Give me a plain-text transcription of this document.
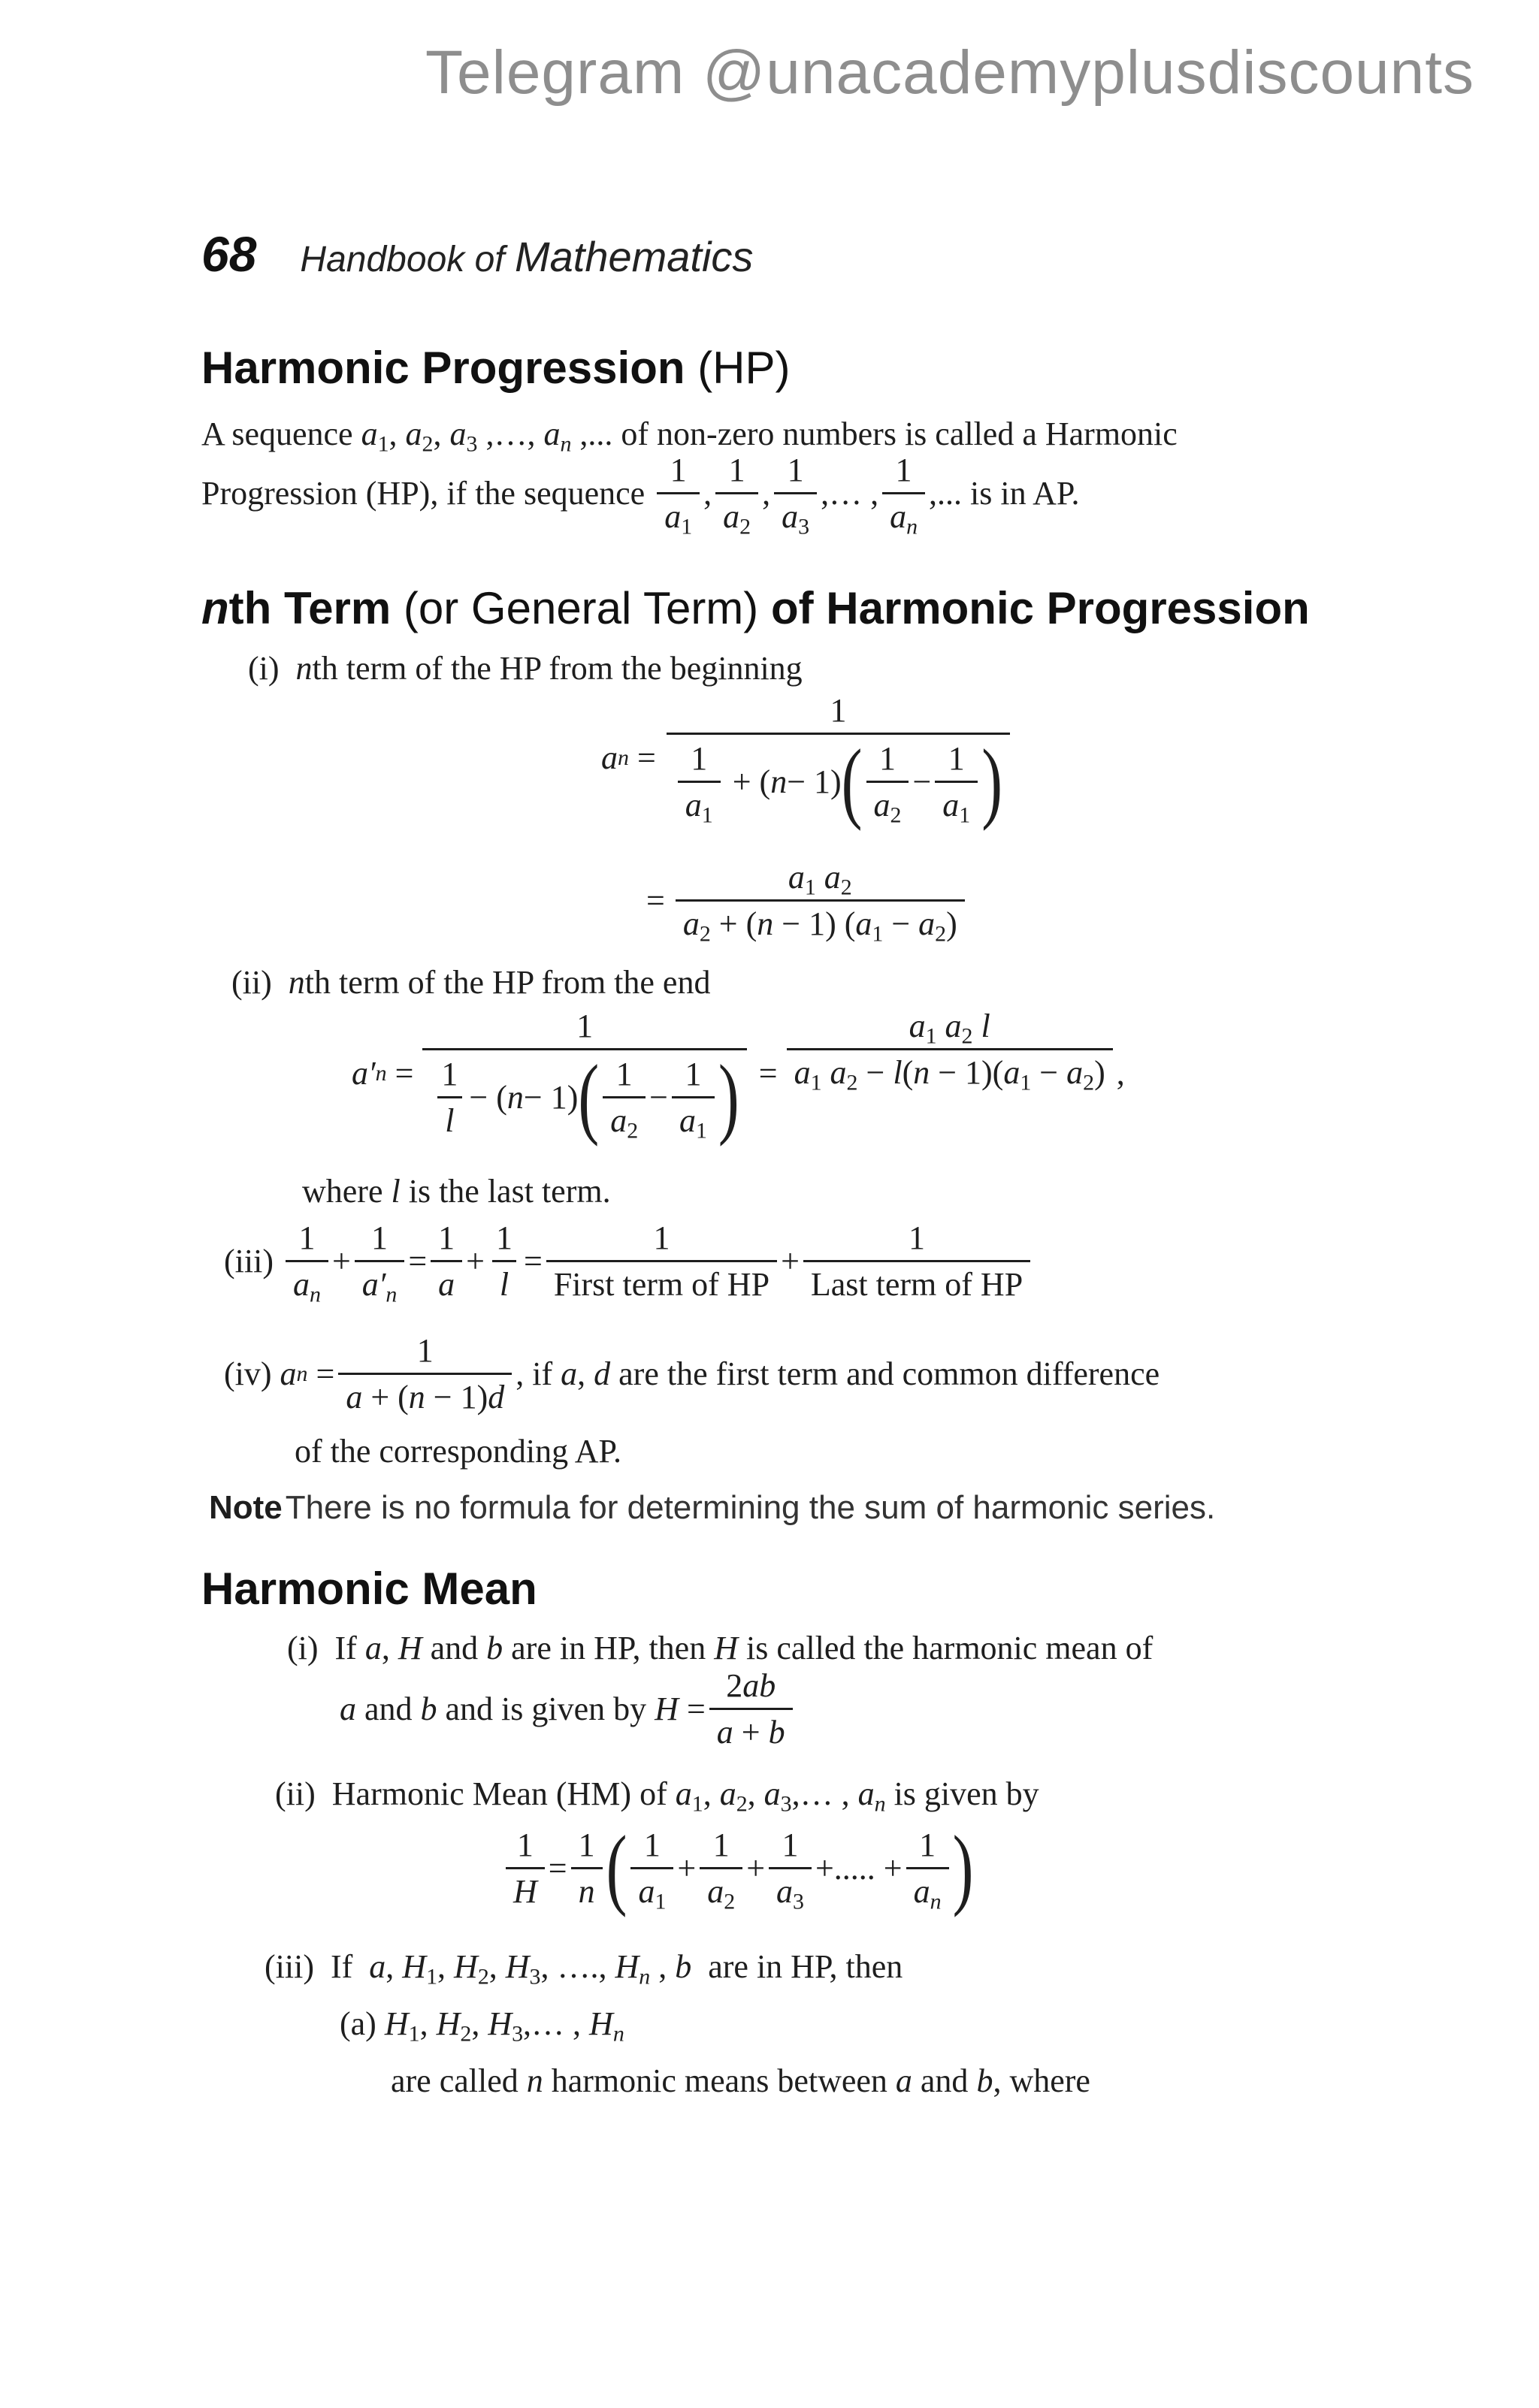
Telegram @unacademyplusdiscounts
68 Handbook of Mathematics
Harmonic Progression (HP)
A sequence $a_1$, $a_2$, $a_3$ ,…, $a_n$ ,... of non-zero numbers is called a Harmonic
Progression (HP), if the sequence
$\frac{1}{a_1}$ , $\frac{1}{a_2}$ , $\frac{1}{a_3}$ ,… , $\frac{1}{a_n}$ ,... is in AP.
nth Term (or General Term) of Harmonic Progression
(i) nth term of the HP from the beginning
a n =
1
$\frac{1}{a_1}$ + ( n − 1) ( $\frac{1}{a_2} - \frac{1}{a_1}$ )
= $\frac{a_1 a_2}{a_2 + (n - 1) (a_1 - a_2)}$
(ii) nth term of the HP from the end
a′ n =
1
$\frac{1}{l}$ − ( n − 1) ( $\frac{1}{a_2} - \frac{1}{a_1}$ ) = $\frac{a_1 a_2 l}{a_1 a_2 - l(n - 1)(a_1 - a_2)}$ ,
where l is the last term.
(iii)
$\frac{1}{a_n} + \frac{1}{a'_n} = \frac{1}{a} + \frac{1}{l} = \frac{1}{\text{First term of HP}} + \frac{1}{\text{Last term of HP}}$
(iv)
a $n = \frac{1}{a + (n - 1)d}$ , if a , d are the first term and common difference
of the corresponding AP.
Note There is no formula for determining the sum of harmonic series.
Harmonic Mean
(i)  If a, H and b are in HP, then H is called the harmonic mean of
a and b
and is given by
$H = \frac{2ab}{a + b}$
(ii) Harmonic Mean (HM) of $a_1$, $a_2$, $a_3,\dots$ , $a_n$ is given by
$\frac{1}{H} = \frac{1}{n}$ ( $\frac{1}{a_1} + \frac{1}{a_2} + \frac{1}{a_3}$ +..... + $\frac{1}{a_n}$ )
(iii)  If  a, $H_1$, $H_2$, $H_3$, …., $H_n$ , b are in HP, then
(a) $H_1$, $H_2$, $H_3,\dots$ , $H_n$
are called n harmonic means between a and b, where
